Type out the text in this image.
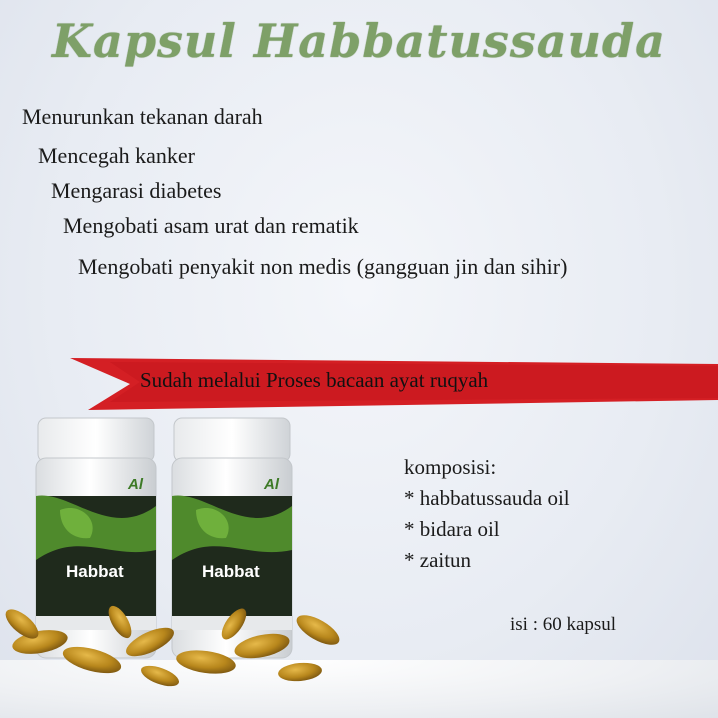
Kapsul Habbatussauda
Menurunkan tekanan darah
Mencegah kanker
Mengarasi diabetes
Mengobati asam urat dan rematik
Mengobati penyakit non medis (gangguan jin dan sihir)
Sudah melalui Proses bacaan ayat ruqyah
Habbat	Habbat
Al	Al
komposisi:
* habbatussauda oil
* bidara oil
* zaitun
isi : 60 kapsul
